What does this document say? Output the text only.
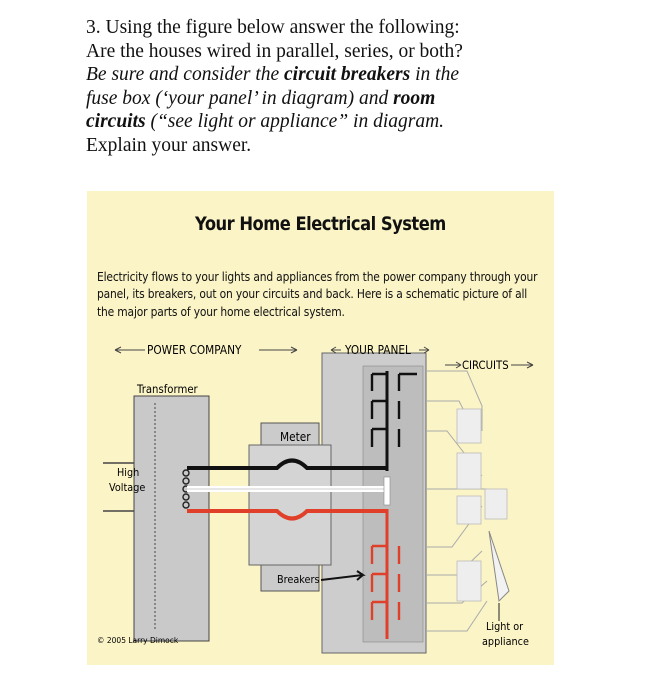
3. Using the figure below answer the following:

Are the houses wired in parallel, series, or both?

Be sure and consider the circuit breakers in the

fuse box (‘your panel’ in diagram) and room

circuits (“see light or appliance” in diagram.

Explain your answer.

Your Home Electrical System

Electricity flows to your lights and appliances from the power company through your panel, its breakers, out on your circuits and back. Here is a schematic picture of all the major parts of your home electrical system.

POWER COMPANY	YOUR PANEL
CIRCUITS
Transformer
Meter
High
Voltage
Breakers
Light or
appliance
© 2005 Larry Dimock
